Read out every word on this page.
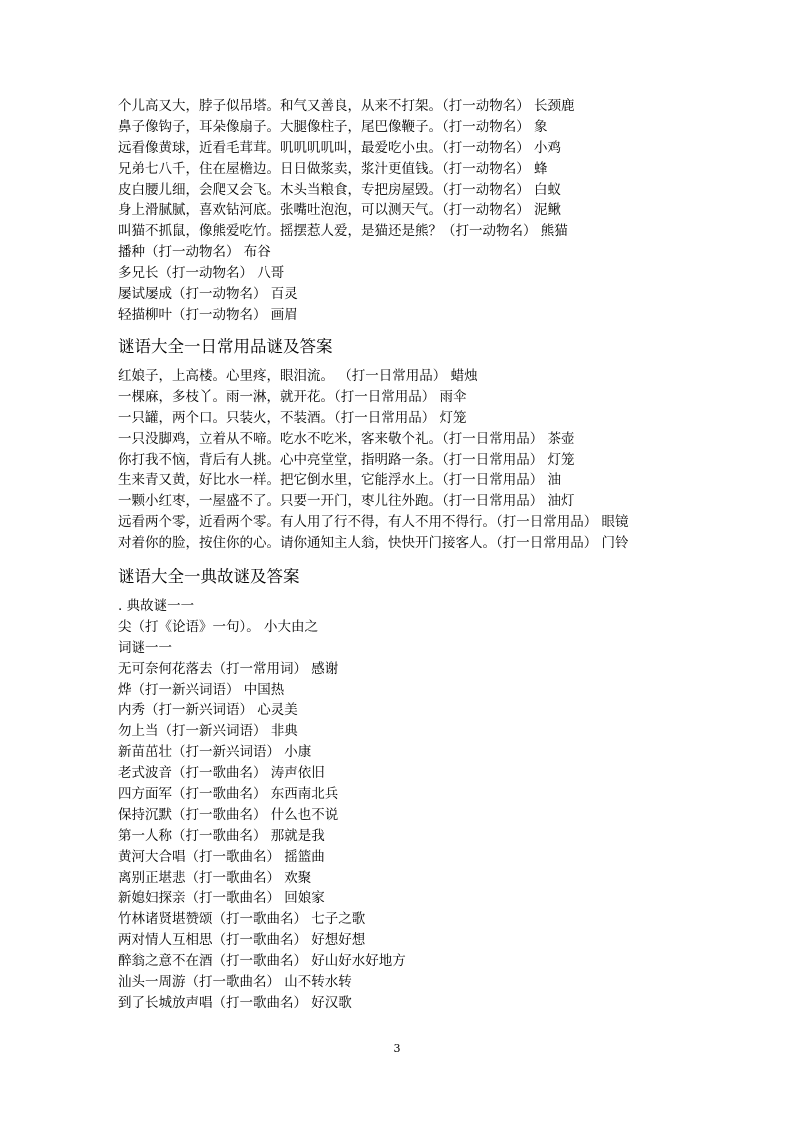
个儿高又大，脖子似吊塔。和气又善良，从来不打架。（打一动物名） 长颈鹿
鼻子像钩子，耳朵像扇子。大腿像柱子，尾巴像鞭子。（打一动物名） 象
远看像黄球，近看毛茸茸。叽叽叽叽叫，最爱吃小虫。（打一动物名） 小鸡
兄弟七八千，住在屋檐边。日日做浆卖，浆汁更值钱。（打一动物名） 蜂
皮白腰儿细，会爬又会飞。木头当粮食，专把房屋毁。（打一动物名） 白蚁
身上滑腻腻，喜欢钻河底。张嘴吐泡泡，可以测天气。（打一动物名） 泥鳅
叫猫不抓鼠，像熊爱吃竹。摇摆惹人爱，是猫还是熊？（打一动物名） 熊猫
播种（打一动物名） 布谷
多兄长（打一动物名） 八哥
屡试屡成（打一动物名） 百灵
轻描柳叶（打一动物名） 画眉
谜语大全一日常用品谜及答案
红娘子，上高楼。心里疼，眼泪流。 （打一日常用品） 蜡烛
一棵麻，多枝丫。雨一淋，就开花。（打一日常用品） 雨伞
一只罐，两个口。只装火，不装酒。（打一日常用品） 灯笼
一只没脚鸡，立着从不啼。吃水不吃米，客来敬个礼。（打一日常用品） 茶壶
你打我不恼，背后有人挑。心中亮堂堂，指明路一条。（打一日常用品） 灯笼
生来青又黄，好比水一样。把它倒水里，它能浮水上。（打一日常用品） 油
一颗小红枣，一屋盛不了。只要一开门，枣儿往外跑。（打一日常用品） 油灯
远看两个零，近看两个零。有人用了行不得，有人不用不得行。（打一日常用品） 眼镜
对着你的脸，按住你的心。请你通知主人翁，快快开门接客人。（打一日常用品） 门铃
谜语大全一典故谜及答案
. 典故谜一一
尖（打《论语》一句）。 小大由之
词谜一一
无可奈何花落去（打一常用词） 感谢
烨（打一新兴词语） 中国热
内秀（打一新兴词语） 心灵美
勿上当（打一新兴词语） 非典
新苗茁壮（打一新兴词语） 小康
老式波音（打一歌曲名） 涛声依旧
四方面军（打一歌曲名） 东西南北兵
保持沉默（打一歌曲名） 什么也不说
第一人称（打一歌曲名） 那就是我
黄河大合唱（打一歌曲名） 摇篮曲
离别正堪悲（打一歌曲名） 欢聚
新媳妇探亲（打一歌曲名） 回娘家
竹林诸贤堪赞颂（打一歌曲名） 七子之歌
两对情人互相思（打一歌曲名） 好想好想
醉翁之意不在酒（打一歌曲名） 好山好水好地方
汕头一周游（打一歌曲名） 山不转水转
到了长城放声唱（打一歌曲名） 好汉歌
3
